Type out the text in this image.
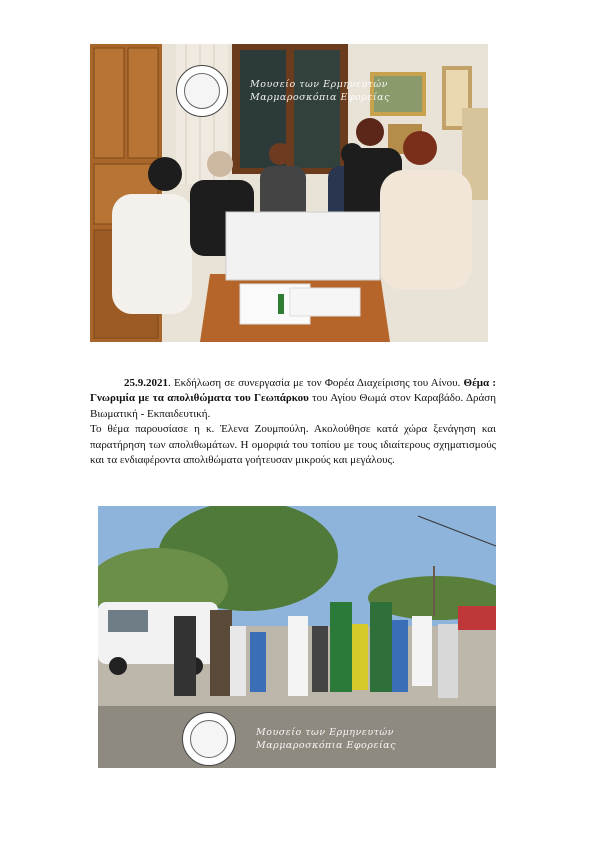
Μουσείο των Ερμηνευτών
Μαρμαροσκόπια Εφορείας

25.9.2021. Εκδήλωση σε συνεργασία με τον Φορέα Διαχείρισης του Αίνου. Θέμα : Γνωριμία με τα απολιθώματα του Γεωπάρκου του Αγίου Θωμά στον Καραβάδο. Δράση Βιωματική - Εκπαιδευτική.

Το θέμα παρουσίασε η κ. Έλενα Ζουμπούλη. Ακολούθησε κατά χώρα ξενάγηση και παρατήρηση των απολιθωμάτων. Η ομορφιά του τοπίου με τους ιδιαίτερους σχηματισμούς και τα ενδιαφέροντα απολιθώματα γοήτευσαν μικρούς και μεγάλους.

Μουσείο των Ερμηνευτών
Μαρμαροσκόπια Εφορείας
